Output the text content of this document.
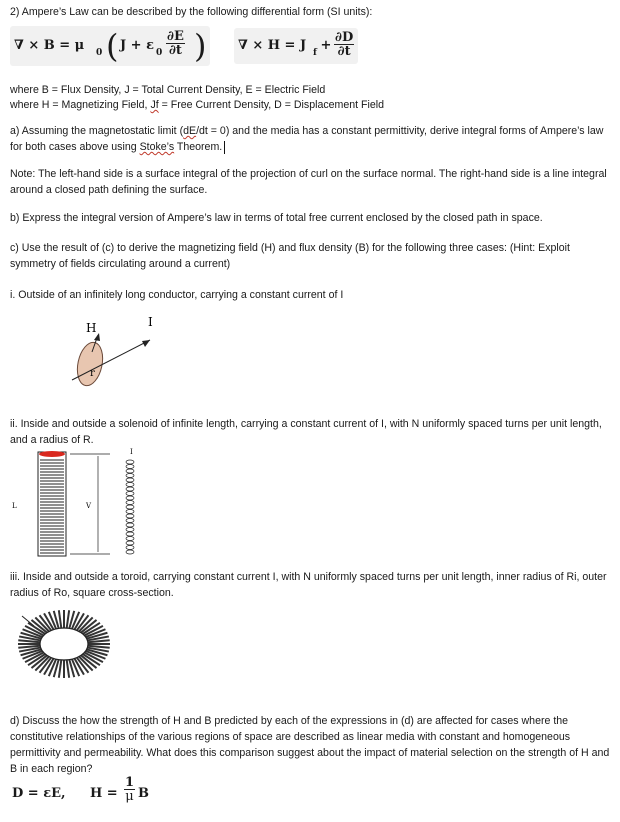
2) Ampere’s Law can be described by the following differential form (SI units):
∇ × B = μ 0 ( J + ε $0 \frac{\partial E}{\partial t}$ ) ∇ × H = J f +
$\frac{\partial D}{\partial t}$
where B = Flux Density, J = Total Current Density, E = Electric Field
where H = Magnetizing Field, Jf = Free Current Density, D = Displacement Field
a) Assuming the magnetostatic limit (dE/dt = 0) and the media has a constant permittivity, derive integral forms of Ampere’s law for both cases above using Stoke’s Theorem.
Note: The left-hand side is a surface integral of the projection of curl on the surface normal. The right-hand side is a line integral around a closed path defining the surface.
b) Express the integral version of Ampere’s law in terms of total free current enclosed by the closed path in space.
c) Use the result of (c) to derive the magnetizing field (H) and flux density (B) for the following three cases: (Hint: Exploit symmetry of fields circulating around a current)
i. Outside of an infinitely long conductor, carrying a constant current of I
H	I
r
ii. Inside and outside a solenoid of infinite length, carrying a constant current of I, with N uniformly spaced turns per unit length, and a radius of R.
L	V
I
iii. Inside and outside a toroid, carrying constant current I, with N uniformly spaced turns per unit length, inner radius of Ri, outer radius of Ro, square cross-section.
d) Discuss the how the strength of H and B predicted by each of the expressions in (d) are affected for cases where the constitutive relationships of the various regions of space are described as linear media with constant and homogeneous permittivity and permeability. What does this comparison suggest about the impact of material selection on the strength of H and B in each region?
D = εE, $H = \frac{1}{\mu}$ B
